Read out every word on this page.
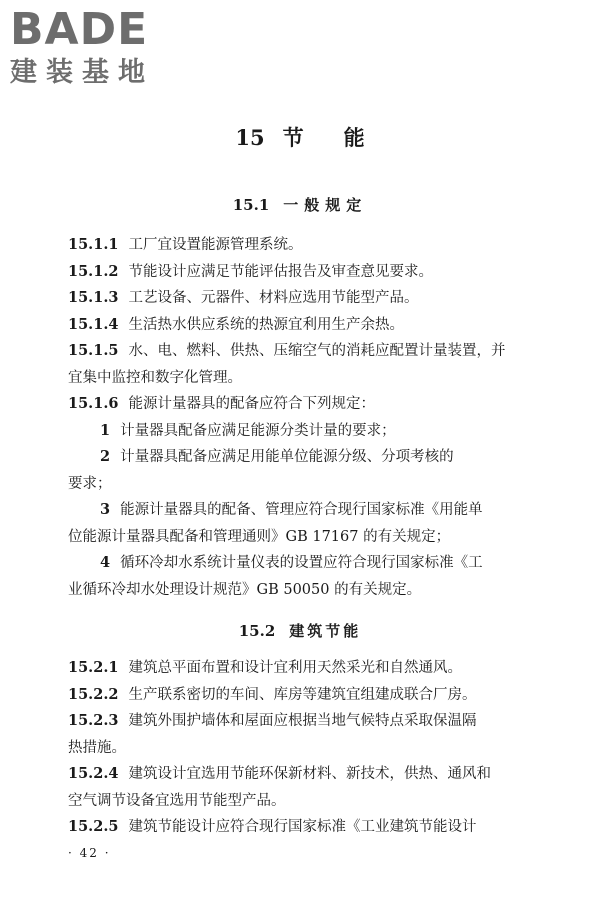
BADE
建装基地
15 节能
15.1 一般规定
15.1.1 工厂宜设置能源管理系统。
15.1.2 节能设计应满足节能评估报告及审查意见要求。
15.1.3 工艺设备、元器件、材料应选用节能型产品。
15.1.4 生活热水供应系统的热源宜利用生产余热。
15.1.5 水、电、燃料、供热、压缩空气的消耗应配置计量装置，并
宜集中监控和数字化管理。
15.1.6 能源计量器具的配备应符合下列规定：
1 计量器具配备应满足能源分类计量的要求；
2 计量器具配备应满足用能单位能源分级、分项考核的
要求；
3 能源计量器具的配备、管理应符合现行国家标准《用能单
位能源计量器具配备和管理通则》GB 17167 的有关规定；
4 循环冷却水系统计量仪表的设置应符合现行国家标准《工
业循环冷却水处理设计规范》GB 50050 的有关规定。
15.2 建筑节能
15.2.1 建筑总平面布置和设计宜利用天然采光和自然通风。
15.2.2 生产联系密切的车间、库房等建筑宜组建成联合厂房。
15.2.3 建筑外围护墙体和屋面应根据当地气候特点采取保温隔
热措施。
15.2.4 建筑设计宜选用节能环保新材料、新技术，供热、通风和
空气调节设备宜选用节能型产品。
15.2.5 建筑节能设计应符合现行国家标准《工业建筑节能设计
· 42 ·
